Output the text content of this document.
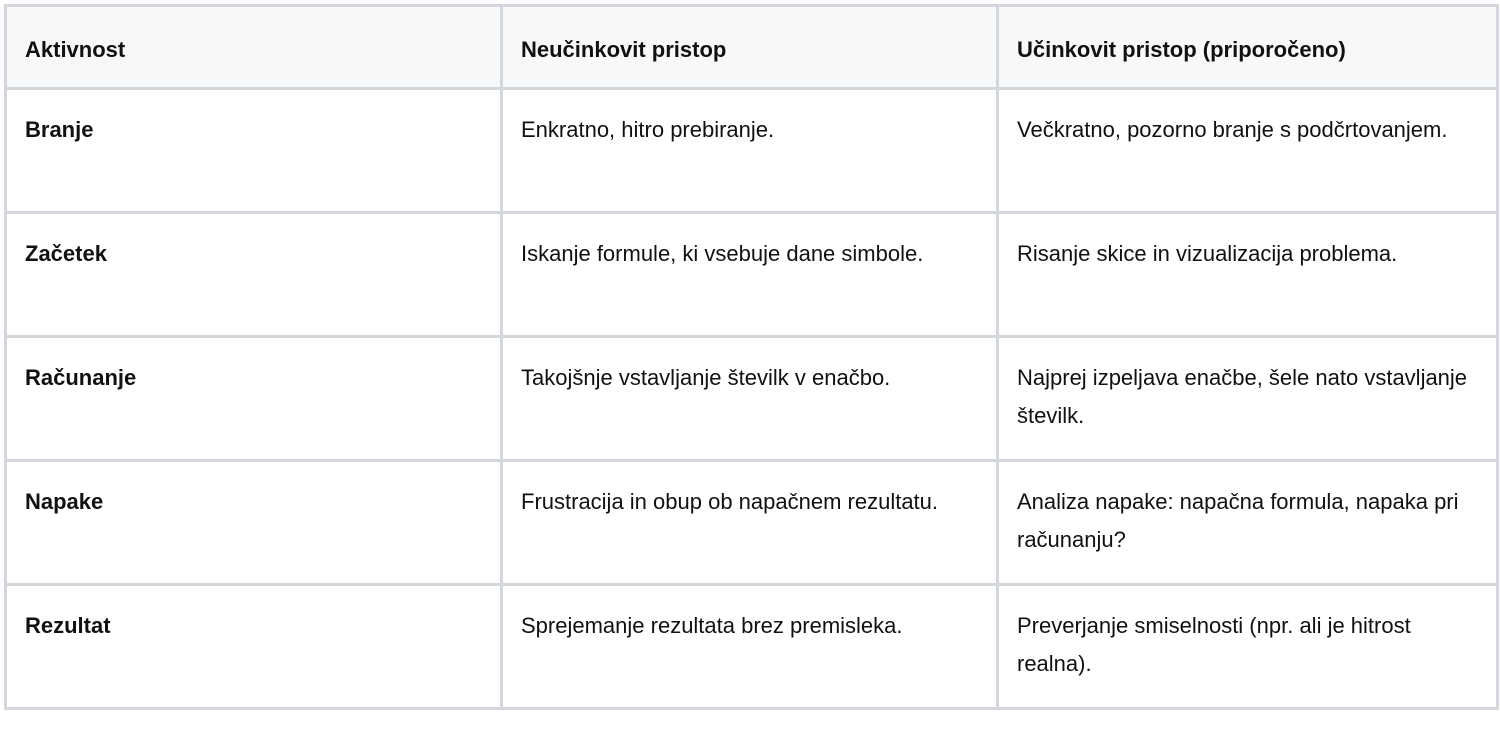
Aktivnost	Neučinkovit pristop	Učinkovit pristop (priporočeno)
Branje	Enkratno, hitro prebiranje.	Večkratno, pozorno branje s podčrtovanjem.
Začetek	Iskanje formule, ki vsebuje dane simbole.	Risanje skice in vizualizacija problema.
Računanje	Takojšnje vstavljanje številk v enačbo.	Najprej izpeljava enačbe, šele nato vstavljanje številk.
Napake	Frustracija in obup ob napačnem rezultatu.	Analiza napake: napačna formula, napaka pri računanju?
Rezultat	Sprejemanje rezultata brez premisleka.	Preverjanje smiselnosti (npr. ali je hitrost realna).
